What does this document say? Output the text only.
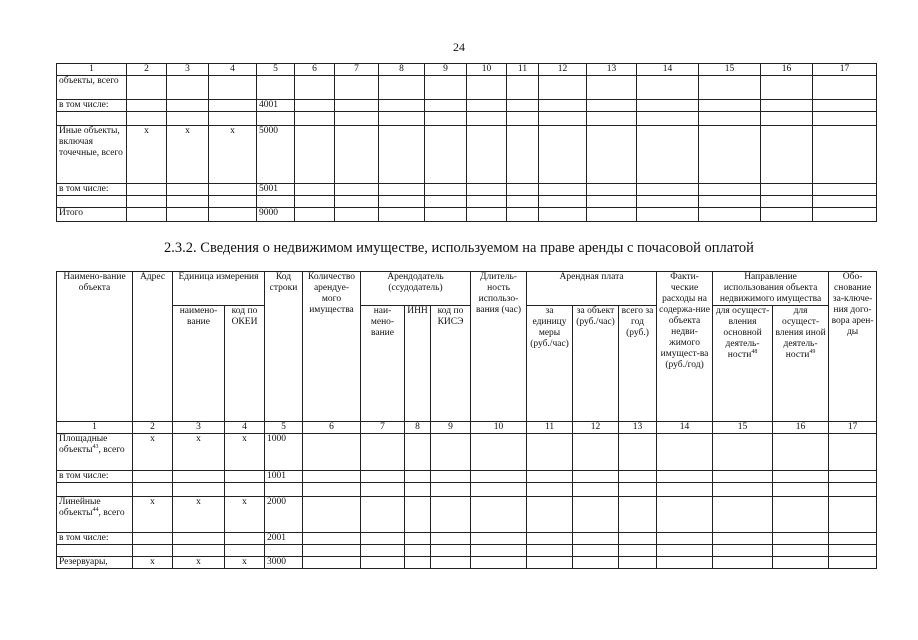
24
1	2	3	4	5	6	7	8	9	10	11	12	13	14	15	16	17
объекты, всего																
в том числе:				4001												

Иные объекты, включая точечные, всего	x	x	x	5000												
в том числе:				5001												

Итого				9000												
2.3.2. Сведения о недвижимом имуществе, используемом на праве аренды с почасовой оплатой
Наимено-вание объекта	Адрес	Единица измерения		Код строки	Количество арендуе-мого имущества	Арендодатель (ссудодатель)			Длитель-ность использо-вания (час)	Арендная плата			Факти-ческие расходы на содержа-ние объекта недви-жимого имущест-ва (руб./год)	Направление использования объекта недвижимого имущества		Обо-снование за-ключе-ния дого-вора арен-ды
		наимено-вание	код по ОКЕИ			наи-мено-вание	ИНН	код по КИСЭ		за единицу меры (руб./час)	за объект (руб./час)	всего за год (руб.)		для осущест-вления основной деятель-ности$^{48}$	для осущест-вления иной деятель-ности$^{49}$
1	2	3	4	5	6	7	8	9	10	11	12	13	14	15	16	17
Площадные объекты$^{43}$, всего	x	x	x	1000												
в том числе:				1001												

Линейные объекты$^{44}$, всего	x	x	x	2000												
в том числе:				2001												

Резервуары,	x	x	x	3000												
